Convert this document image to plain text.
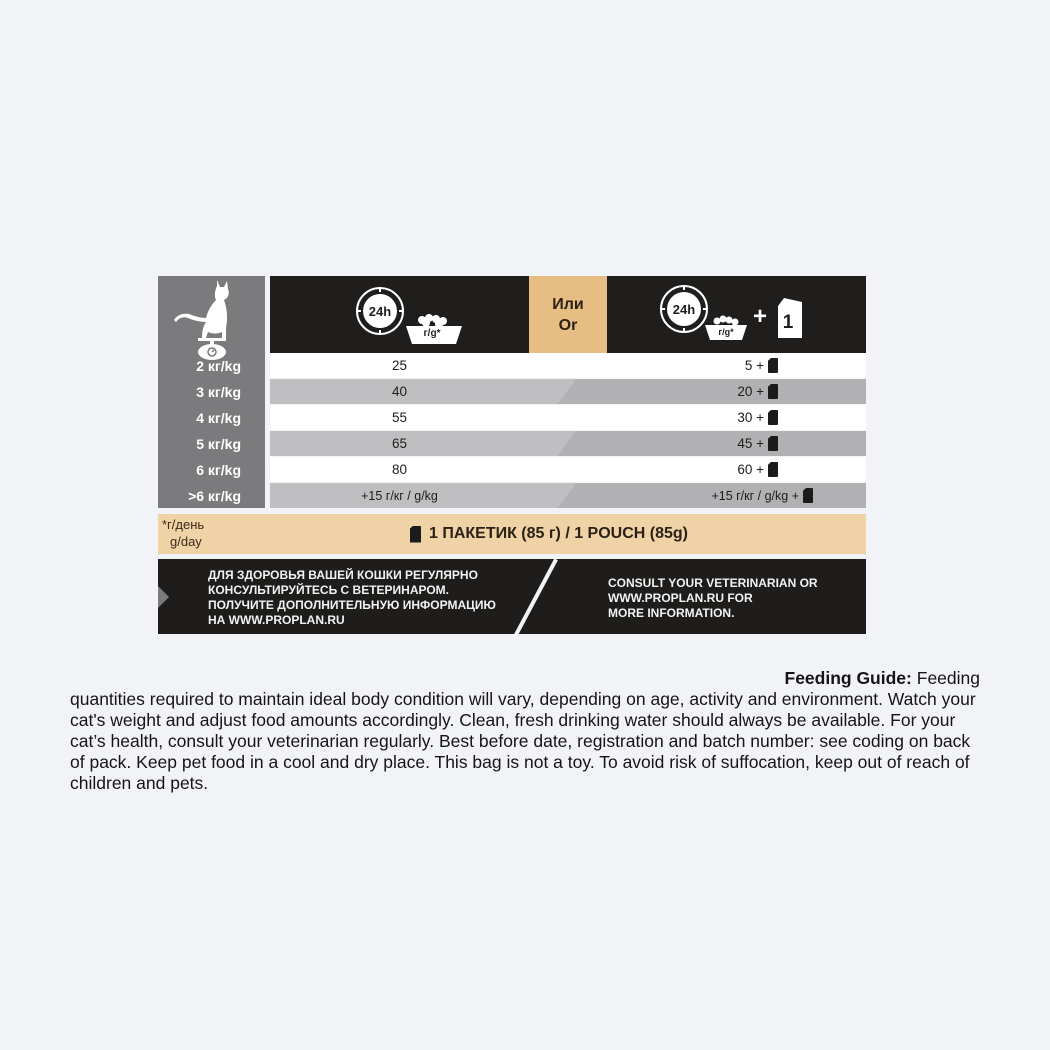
24h
г/g*
Или
Or
24h
г/g*
+ 1
2 кг/kg	25	5 +
3 кг/kg	40	20 +
4 кг/kg	55	30 +
5 кг/kg	65	45 +
6 кг/kg	80	60 +
>6 кг/kg	+15 г/кг / g/kg	+15 г/кг / g/kg +
*г/день
g/day	1 ПАКЕТИК (85 г) / 1 POUCH (85g)
ДЛЯ ЗДОРОВЬЯ ВАШЕЙ КОШКИ РЕГУЛЯРНО
КОНСУЛЬТИРУЙТЕСЬ С ВЕТЕРИНАРОМ.
ПОЛУЧИТЕ ДОПОЛНИТЕЛЬНУЮ ИНФОРМАЦИЮ
НА WWW.PROPLAN.RU
CONSULT YOUR VETERINARIAN OR
WWW.PROPLAN.RU FOR
MORE INFORMATION.
Feeding Guide: Feeding
quantities required to maintain ideal body condition will vary, depending on age, activity and environment. Watch your cat's weight and adjust food amounts accordingly. Clean, fresh drinking water should always be available. For your cat’s health, consult your veterinarian regularly. Best before date, registration and batch number: see coding on back of pack. Keep pet food in a cool and dry place. This bag is not a toy. To avoid risk of suffocation, keep out of reach of children and pets.
